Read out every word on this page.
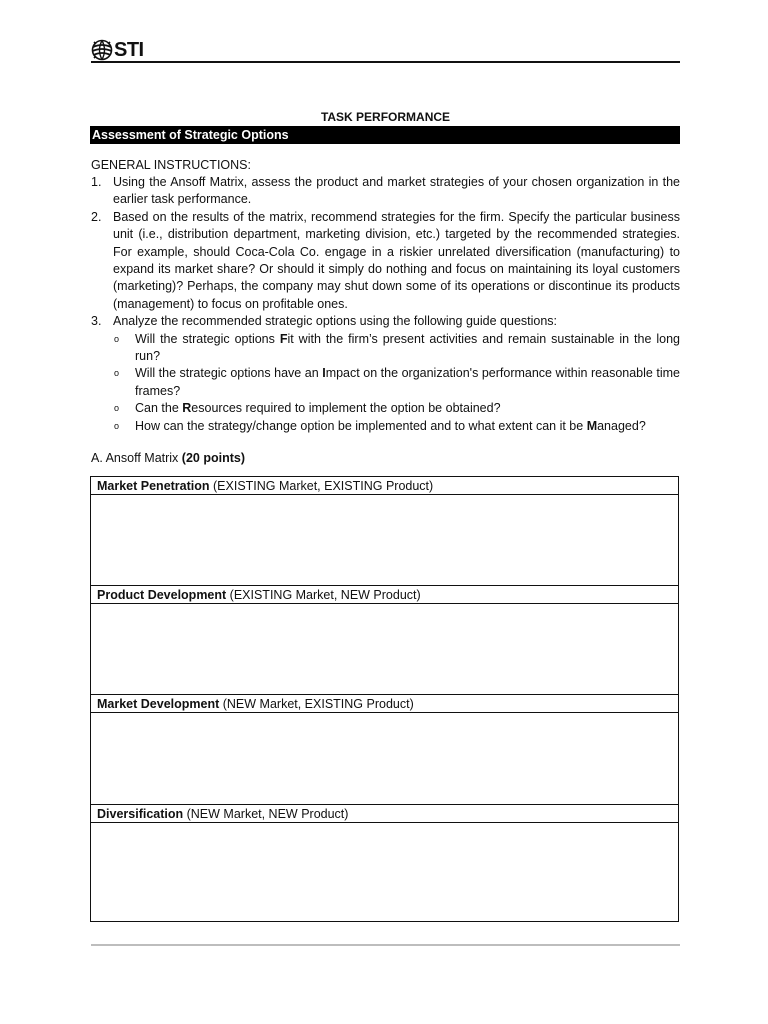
STI
TASK PERFORMANCE
Assessment of Strategic Options
GENERAL INSTRUCTIONS:
1. Using the Ansoff Matrix, assess the product and market strategies of your chosen organization in the earlier task performance.
2. Based on the results of the matrix, recommend strategies for the firm. Specify the particular business unit (i.e., distribution department, marketing division, etc.) targeted by the recommended strategies. For example, should Coca-Cola Co. engage in a riskier unrelated diversification (manufacturing) to expand its market share? Or should it simply do nothing and focus on maintaining its loyal customers (marketing)? Perhaps, the company may shut down some of its operations or discontinue its products (management) to focus on profitable ones.
3. Analyze the recommended strategic options using the following guide questions:
o	Will the strategic options Fit with the firm’s present activities and remain sustainable in the long run?
o	Will the strategic options have an Impact on the organization's performance within reasonable time frames?
o	Can the Resources required to implement the option be obtained?
o	How can the strategy/change option be implemented and to what extent can it be Managed?
A. Ansoff Matrix (20 points)
Market Penetration (EXISTING Market, EXISTING Product)
Product Development (EXISTING Market, NEW Product)
Market Development (NEW Market, EXISTING Product)
Diversification (NEW Market, NEW Product)
